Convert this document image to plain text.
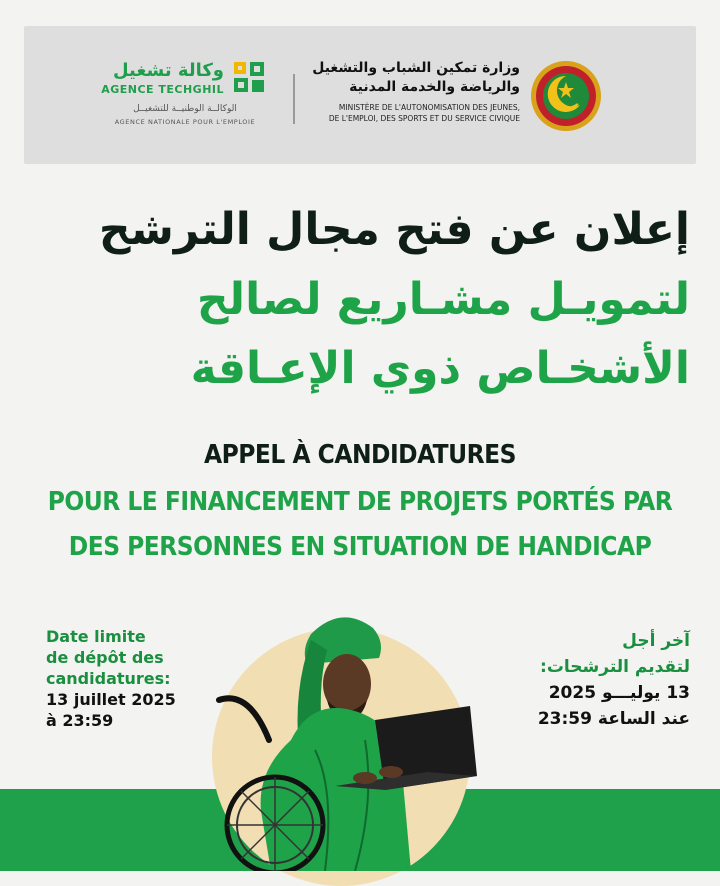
وكالة تشغيل
AGENCE TECHGHIL
الوكالــة الوطنيــة للتشغيــل
AGENCE NATIONALE POUR L'EMPLOIE
وزارة تمكين الشباب والتشغيل
والرياضة والخدمة المدنية
MINISTÈRE DE L'AUTONOMISATION DES JEUNES,
DE L'EMPLOI, DES SPORTS ET DU SERVICE CIVIQUE
إعلان عن فتح مجال الترشح
لتمويـل مشـاريع لصالح
الأشخـاص ذوي الإعـاقة
APPEL À CANDIDATURES
POUR LE FINANCEMENT DE PROJETS PORTÉS PAR
DES PERSONNES EN SITUATION DE HANDICAP
Date limite
de dépôt des
candidatures:
13 juillet 2025
à 23:59
آخر أجل
لتقديم الترشحات:
13 يوليـــو 2025
عند الساعة 23:59
